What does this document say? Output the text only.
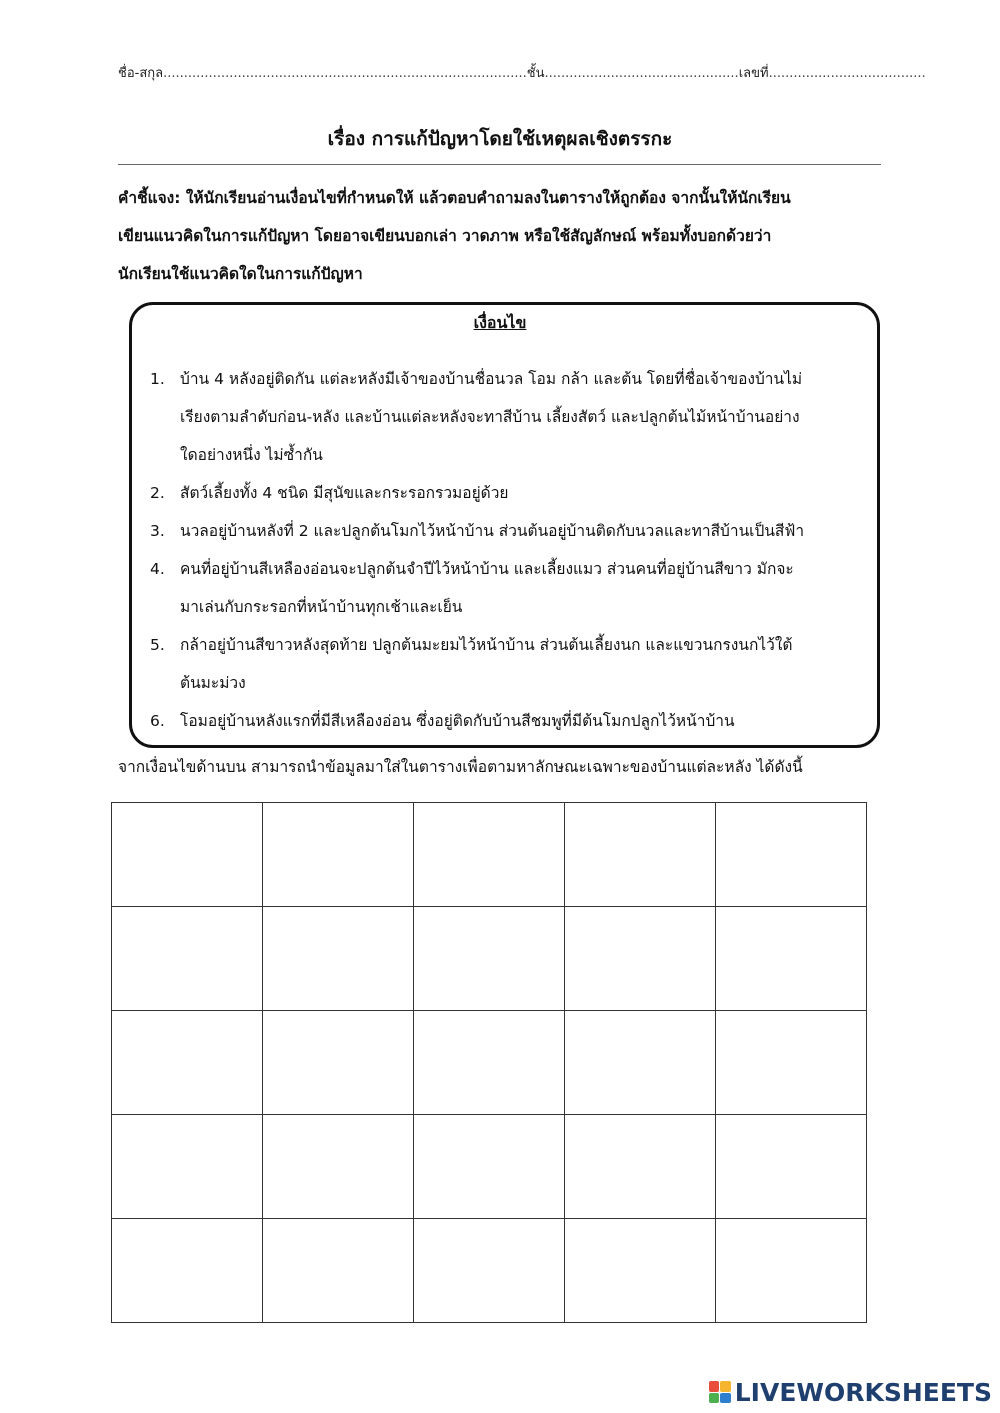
ชื่อ-สกุล........................................................................................ชั้น...............................................เลขที่......................................
เรื่อง การแก้ปัญหาโดยใช้เหตุผลเชิงตรรกะ
คำชี้แจง: ให้นักเรียนอ่านเงื่อนไขที่กำหนดให้ แล้วตอบคำถามลงในตารางให้ถูกต้อง จากนั้นให้นักเรียน
เขียนแนวคิดในการแก้ปัญหา โดยอาจเขียนบอกเล่า วาดภาพ หรือใช้สัญลักษณ์ พร้อมทั้งบอกด้วยว่า
นักเรียนใช้แนวคิดใดในการแก้ปัญหา
เงื่อนไข
1. บ้าน 4 หลังอยู่ติดกัน แต่ละหลังมีเจ้าของบ้านชื่อนวล โอม กล้า และต้น โดยที่ชื่อเจ้าของบ้านไม่
เรียงตามลำดับก่อน-หลัง และบ้านแต่ละหลังจะทาสีบ้าน เลี้ยงสัตว์ และปลูกต้นไม้หน้าบ้านอย่าง
ใดอย่างหนึ่ง ไม่ซ้ำกัน
2. สัตว์เลี้ยงทั้ง 4 ชนิด มีสุนัขและกระรอกรวมอยู่ด้วย
3. นวลอยู่บ้านหลังที่ 2 และปลูกต้นโมกไว้หน้าบ้าน ส่วนต้นอยู่บ้านติดกับนวลและทาสีบ้านเป็นสีฟ้า
4. คนที่อยู่บ้านสีเหลืองอ่อนจะปลูกต้นจำปีไว้หน้าบ้าน และเลี้ยงแมว ส่วนคนที่อยู่บ้านสีขาว มักจะ
มาเล่นกับกระรอกที่หน้าบ้านทุกเช้าและเย็น
5. กล้าอยู่บ้านสีขาวหลังสุดท้าย ปลูกต้นมะยมไว้หน้าบ้าน ส่วนต้นเลี้ยงนก และแขวนกรงนกไว้ใต้
ต้นมะม่วง
6. โอมอยู่บ้านหลังแรกที่มีสีเหลืองอ่อน ซึ่งอยู่ติดกับบ้านสีชมพูที่มีต้นโมกปลูกไว้หน้าบ้าน
จากเงื่อนไขด้านบน สามารถนำข้อมูลมาใส่ในตารางเพื่อตามหาลักษณะเฉพาะของบ้านแต่ละหลัง ได้ดังนี้

LIVEWORKSHEETS
